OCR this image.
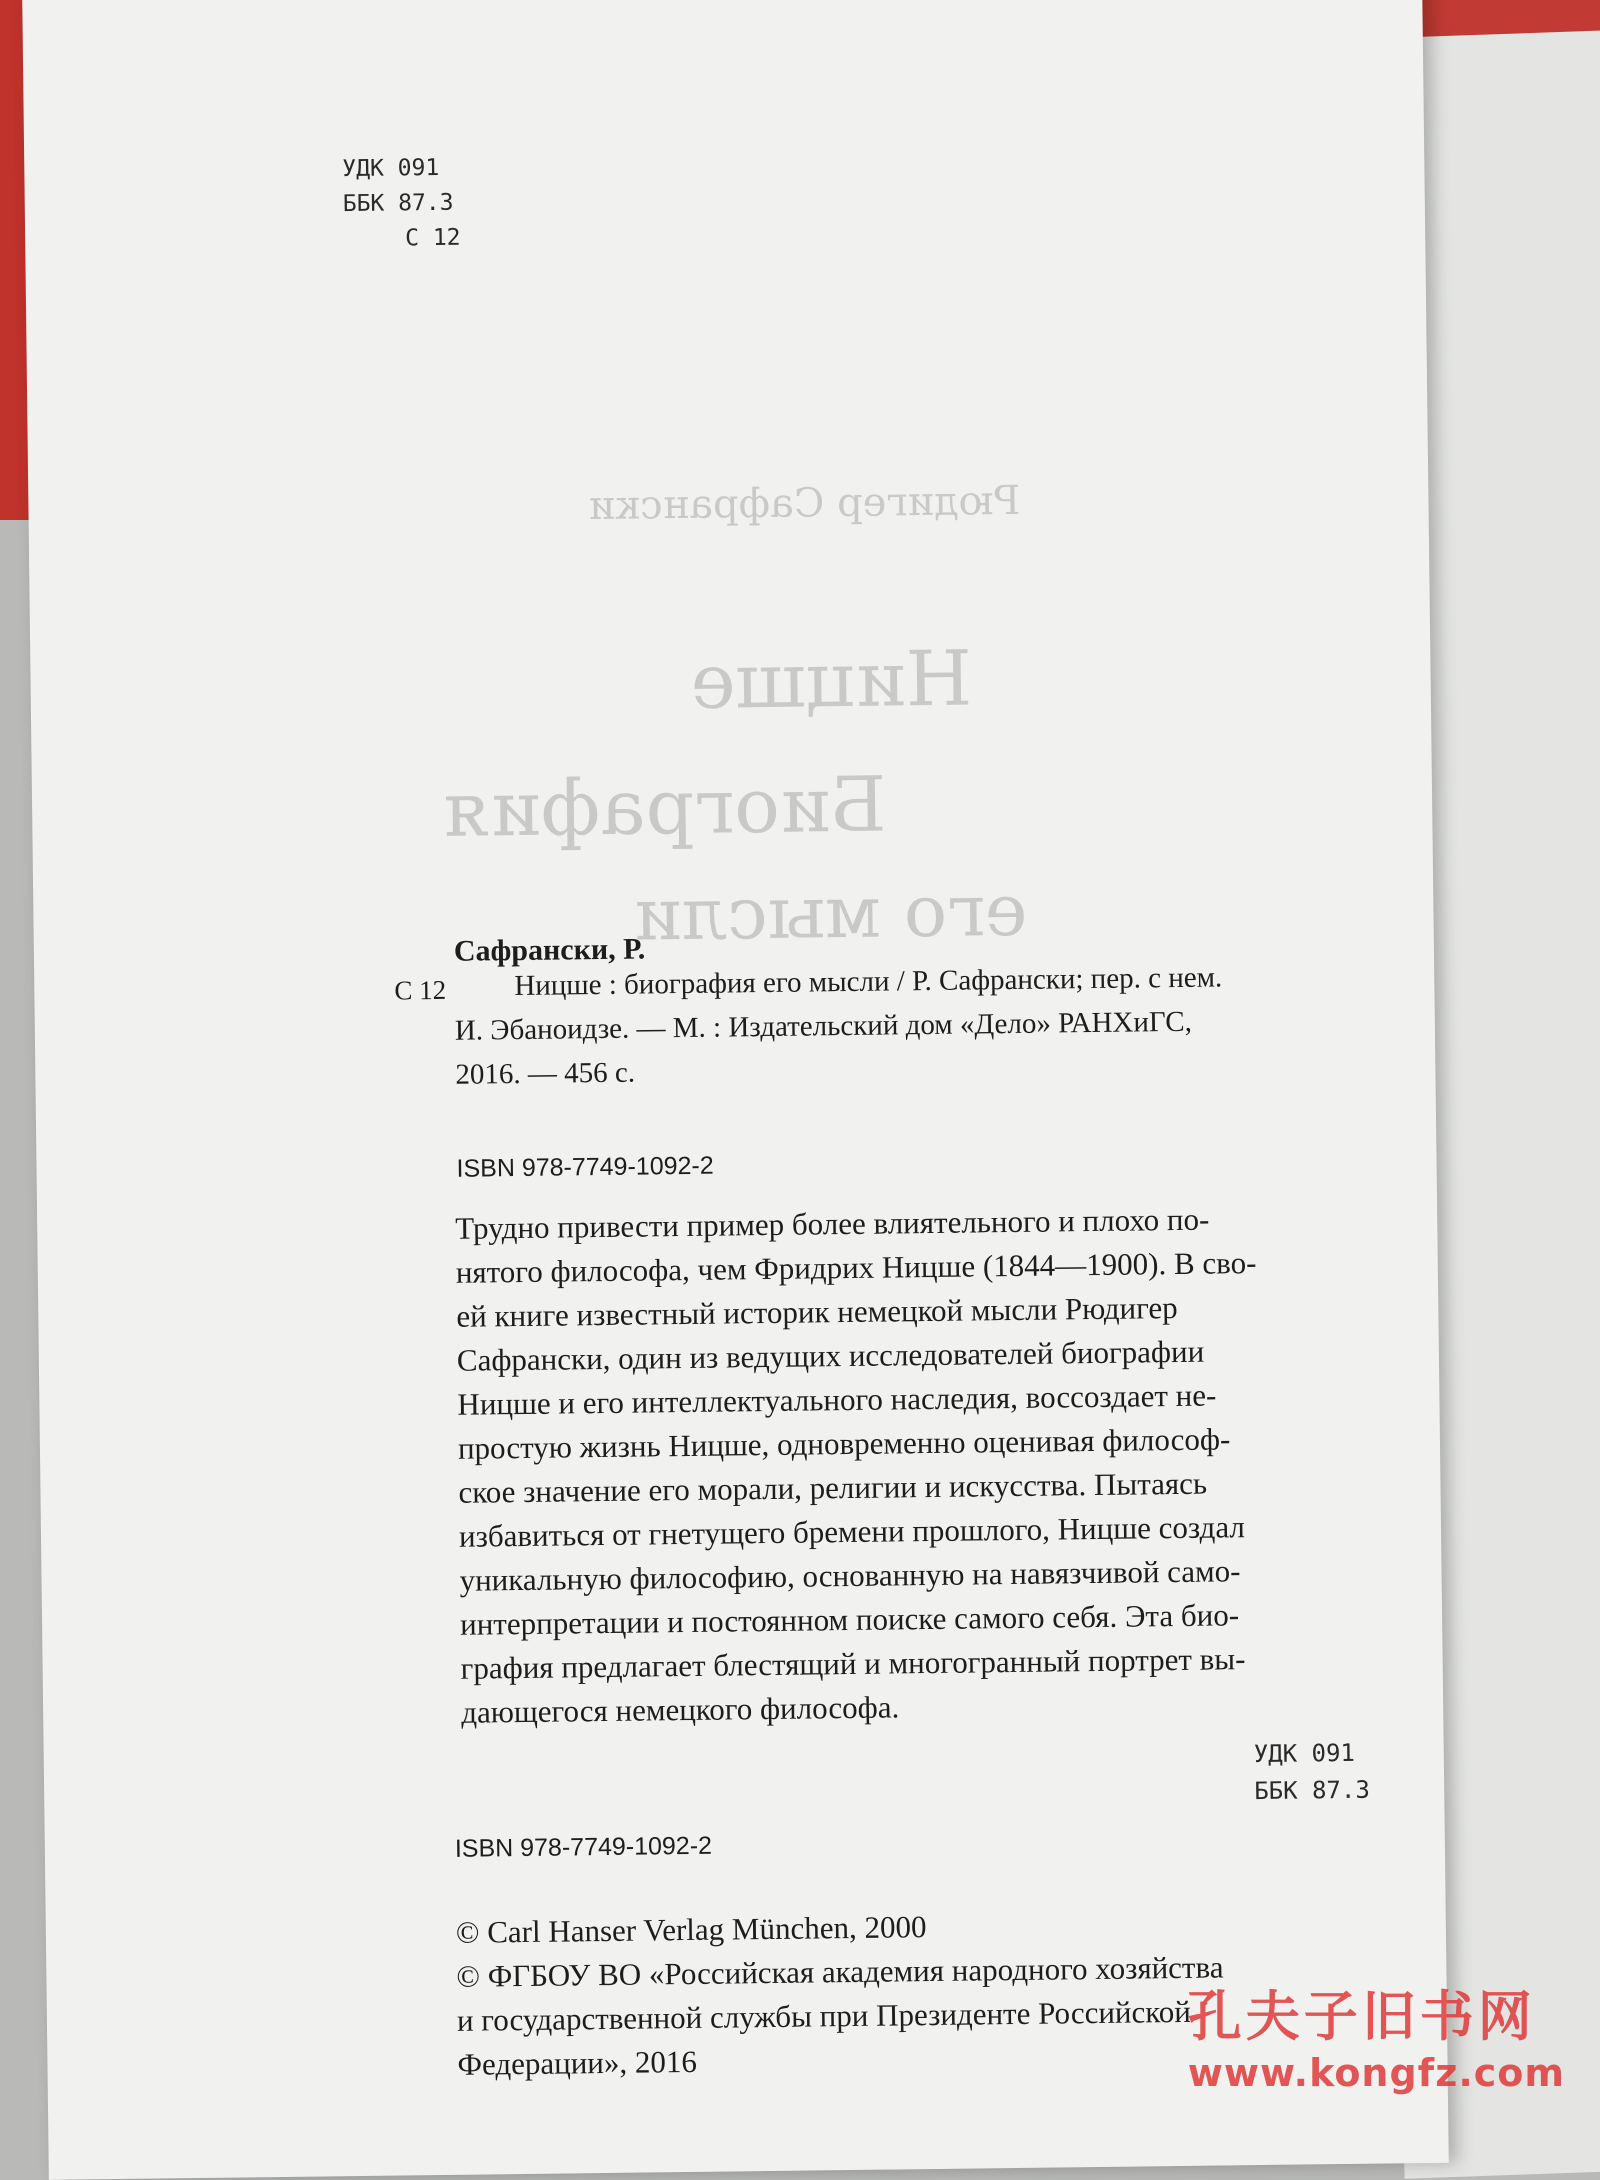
Рюдигер Сафрански
Ницше
Биография
его мысли
УДК 091
ББК 87.3
С 12
Сафрански, Р.
С 12 Ницше : биография его мысли / Р. Сафрански; пер. с нем.
И. Эбаноидзе. — М. : Издательский дом «Дело» РАНХиГС,
2016. — 456 с.
ISBN 978-7749-1092-2
Трудно привести пример более влиятельного и плохо по-
нятого философа, чем Фридрих Ницше (1844—1900). В сво-
ей книге известный историк немецкой мысли Рюдигер
Сафрански, один из ведущих исследователей биографии
Ницше и его интеллектуального наследия, воссоздает не-
простую жизнь Ницше, одновременно оценивая философ-
ское значение его морали, религии и искусства. Пытаясь
избавиться от гнетущего бремени прошлого, Ницше создал
уникальную философию, основанную на навязчивой само-
интерпретации и постоянном поиске самого себя. Эта био-
графия предлагает блестящий и многогранный портрет вы-
дающегося немецкого философа.
УДК 091
ББК 87.3
ISBN 978-7749-1092-2
© Carl Hanser Verlag München, 2000
© ФГБОУ ВО «Российская академия народного хозяйства
и государственной службы при Президенте Российской
Федерации», 2016
孔夫子旧书网
www.kongfz.com
